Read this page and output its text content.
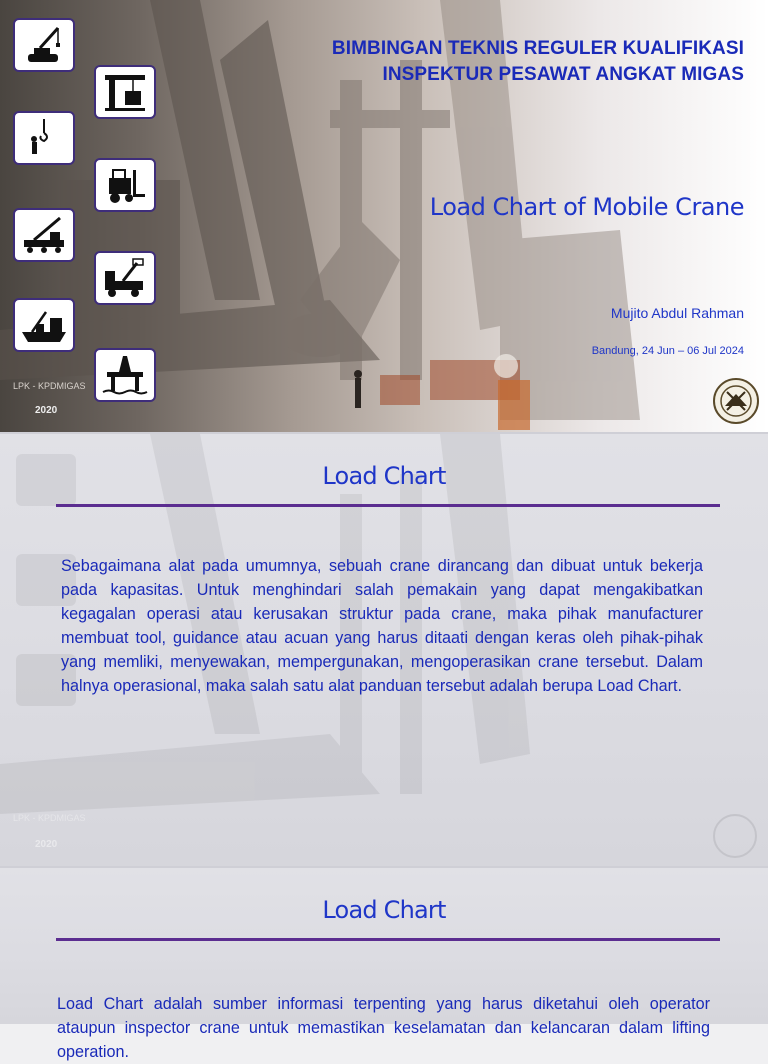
BIMBINGAN TEKNIS REGULER KUALIFIKASI
INSPEKTUR PESAWAT ANGKAT MIGAS
Load Chart of Mobile Crane
Mujito Abdul Rahman
Bandung, 24 Jun – 06 Jul 2024
LPK - KPDMIGAS
2020
Load Chart
Sebagaimana alat pada umumnya, sebuah crane dirancang dan dibuat untuk bekerja pada kapasitas. Untuk menghindari salah pemakain yang dapat mengakibatkan kegagalan operasi atau kerusakan struktur pada crane, maka pihak manufacturer membuat tool, guidance atau acuan yang harus ditaati dengan keras oleh pihak-pihak yang memliki, menyewakan, mempergunakan, mengoperasikan crane tersebut. Dalam halnya operasional, maka salah satu alat panduan tersebut adalah berupa Load Chart.
LPK - KPDMIGAS
2020
Load Chart
Load Chart adalah sumber informasi terpenting yang harus diketahui oleh operator ataupun inspector crane untuk memastikan keselamatan dan kelancaran dalam lifting operation.
